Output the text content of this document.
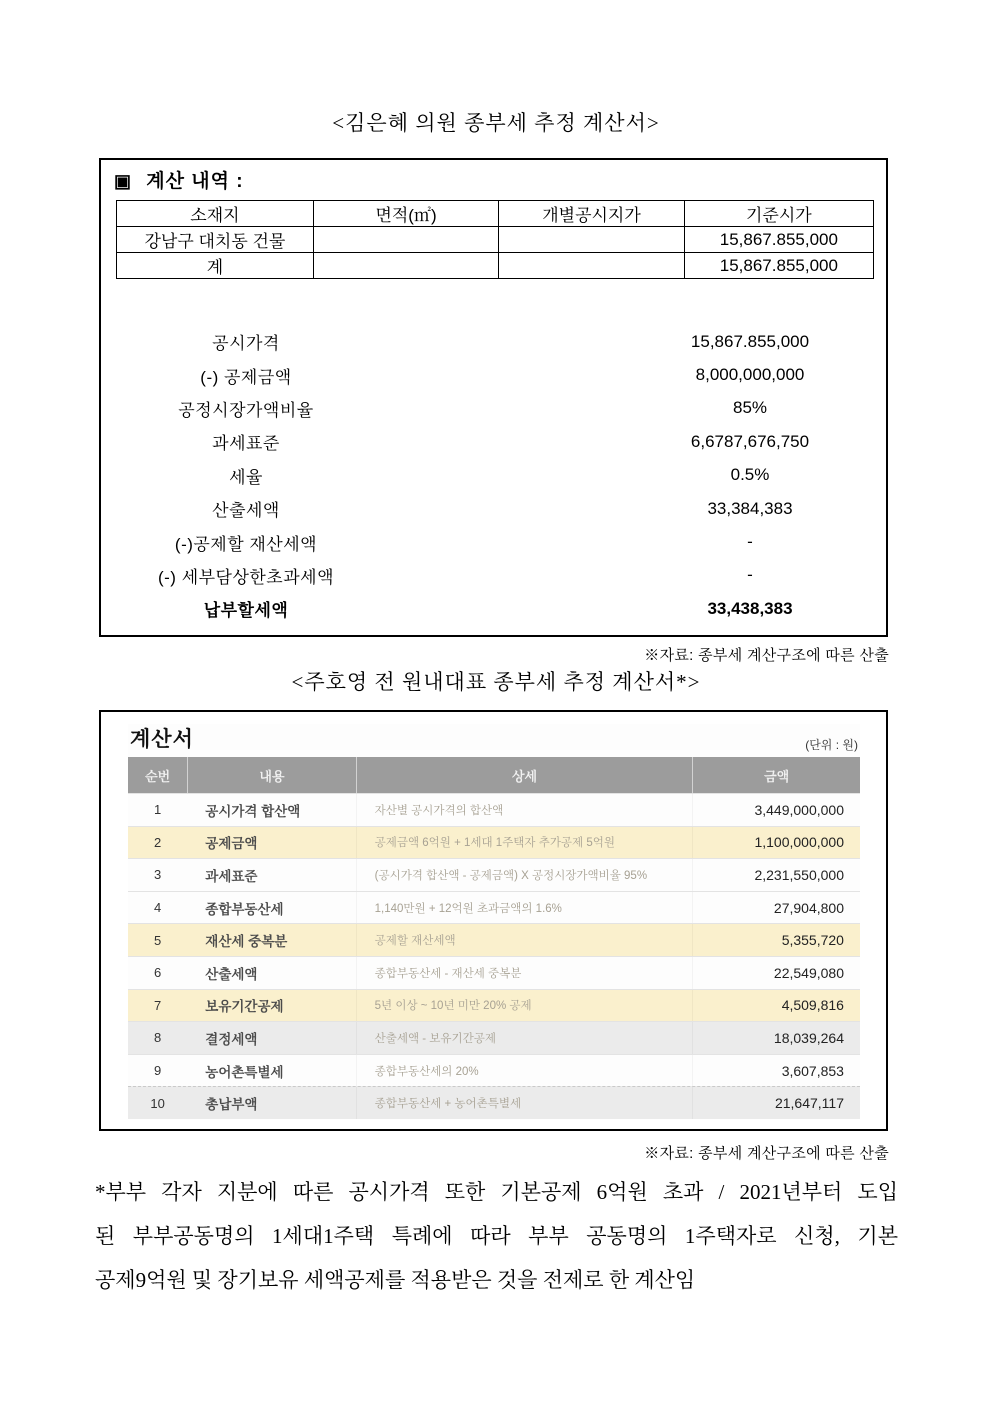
<김은혜 의원 종부세 추정 계산서>
▣ 계산 내역 :
소재지	면적(㎡)	개별공시지가	기준시가
강남구 대치동 건물			15,867.855,000
계			15,867.855,000
공시가격	15,867.855,000
(-) 공제금액	8,000,000,000
공정시장가액비율	85%
과세표준	6,6787,676,750
세율	0.5%
산출세액	33,384,383
(-)공제할 재산세액	-
(-) 세부담상한초과세액	-
납부할세액	33,438,383
※자료: 종부세 계산구조에 따른 산출
<주호영 전 원내대표 종부세 추정 계산서*>
계산서	(단위 : 원)
순번	내용	상세	금액
1	공시가격 합산액	자산별 공시가격의 합산액	3,449,000,000
2	공제금액	공제금액 6억원 + 1세대 1주택자 추가공제 5억원	1,100,000,000
3	과세표준	(공시가격 합산액 - 공제금액) X 공정시장가액비율 95%	2,231,550,000
4	종합부동산세	1,140만원 + 12억원 초과금액의 1.6%	27,904,800
5	재산세 중복분	공제할 재산세액	5,355,720
6	산출세액	종합부동산세 - 재산세 중복분	22,549,080
7	보유기간공제	5년 이상 ~ 10년 미만 20% 공제	4,509,816
8	결정세액	산출세액 - 보유기간공제	18,039,264
9	농어촌특별세	종합부동산세의 20%	3,607,853
10	총납부액	종합부동산세 + 농어촌특별세	21,647,117
※자료: 종부세 계산구조에 따른 산출
*부부 각자 지분에 따른 공시가격 또한 기본공제 6억원 초과 / 2021년부터 도입
된 부부공동명의 1세대1주택 특례에 따라 부부 공동명의 1주택자로 신청, 기본
공제9억원 및 장기보유 세액공제를 적용받은 것을 전제로 한 계산임
